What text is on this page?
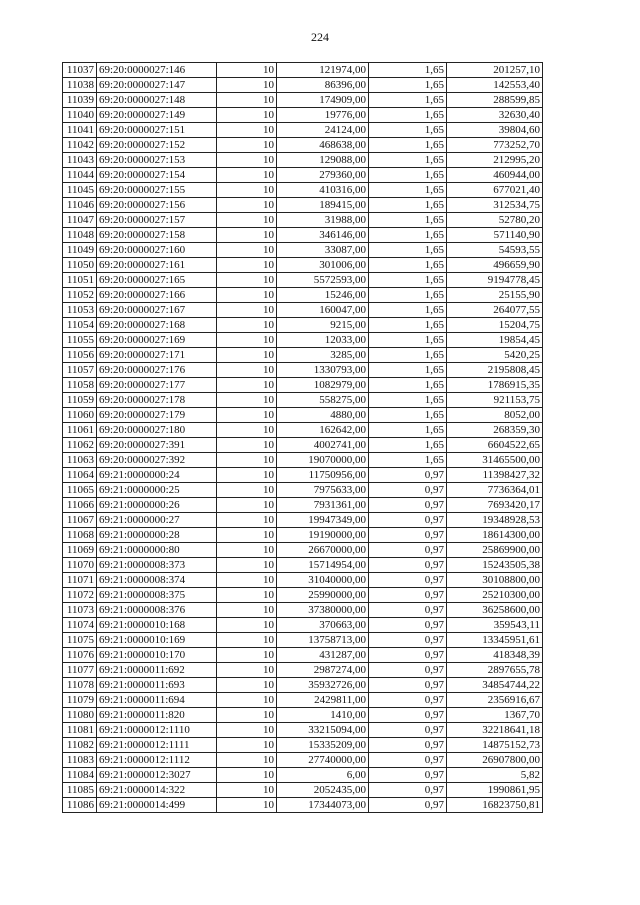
224
11037	69:20:0000027:146	10	121974,00	1,65	201257,10
11038	69:20:0000027:147	10	86396,00	1,65	142553,40
11039	69:20:0000027:148	10	174909,00	1,65	288599,85
11040	69:20:0000027:149	10	19776,00	1,65	32630,40
11041	69:20:0000027:151	10	24124,00	1,65	39804,60
11042	69:20:0000027:152	10	468638,00	1,65	773252,70
11043	69:20:0000027:153	10	129088,00	1,65	212995,20
11044	69:20:0000027:154	10	279360,00	1,65	460944,00
11045	69:20:0000027:155	10	410316,00	1,65	677021,40
11046	69:20:0000027:156	10	189415,00	1,65	312534,75
11047	69:20:0000027:157	10	31988,00	1,65	52780,20
11048	69:20:0000027:158	10	346146,00	1,65	571140,90
11049	69:20:0000027:160	10	33087,00	1,65	54593,55
11050	69:20:0000027:161	10	301006,00	1,65	496659,90
11051	69:20:0000027:165	10	5572593,00	1,65	9194778,45
11052	69:20:0000027:166	10	15246,00	1,65	25155,90
11053	69:20:0000027:167	10	160047,00	1,65	264077,55
11054	69:20:0000027:168	10	9215,00	1,65	15204,75
11055	69:20:0000027:169	10	12033,00	1,65	19854,45
11056	69:20:0000027:171	10	3285,00	1,65	5420,25
11057	69:20:0000027:176	10	1330793,00	1,65	2195808,45
11058	69:20:0000027:177	10	1082979,00	1,65	1786915,35
11059	69:20:0000027:178	10	558275,00	1,65	921153,75
11060	69:20:0000027:179	10	4880,00	1,65	8052,00
11061	69:20:0000027:180	10	162642,00	1,65	268359,30
11062	69:20:0000027:391	10	4002741,00	1,65	6604522,65
11063	69:20:0000027:392	10	19070000,00	1,65	31465500,00
11064	69:21:0000000:24	10	11750956,00	0,97	11398427,32
11065	69:21:0000000:25	10	7975633,00	0,97	7736364,01
11066	69:21:0000000:26	10	7931361,00	0,97	7693420,17
11067	69:21:0000000:27	10	19947349,00	0,97	19348928,53
11068	69:21:0000000:28	10	19190000,00	0,97	18614300,00
11069	69:21:0000000:80	10	26670000,00	0,97	25869900,00
11070	69:21:0000008:373	10	15714954,00	0,97	15243505,38
11071	69:21:0000008:374	10	31040000,00	0,97	30108800,00
11072	69:21:0000008:375	10	25990000,00	0,97	25210300,00
11073	69:21:0000008:376	10	37380000,00	0,97	36258600,00
11074	69:21:0000010:168	10	370663,00	0,97	359543,11
11075	69:21:0000010:169	10	13758713,00	0,97	13345951,61
11076	69:21:0000010:170	10	431287,00	0,97	418348,39
11077	69:21:0000011:692	10	2987274,00	0,97	2897655,78
11078	69:21:0000011:693	10	35932726,00	0,97	34854744,22
11079	69:21:0000011:694	10	2429811,00	0,97	2356916,67
11080	69:21:0000011:820	10	1410,00	0,97	1367,70
11081	69:21:0000012:1110	10	33215094,00	0,97	32218641,18
11082	69:21:0000012:1111	10	15335209,00	0,97	14875152,73
11083	69:21:0000012:1112	10	27740000,00	0,97	26907800,00
11084	69:21:0000012:3027	10	6,00	0,97	5,82
11085	69:21:0000014:322	10	2052435,00	0,97	1990861,95
11086	69:21:0000014:499	10	17344073,00	0,97	16823750,81
